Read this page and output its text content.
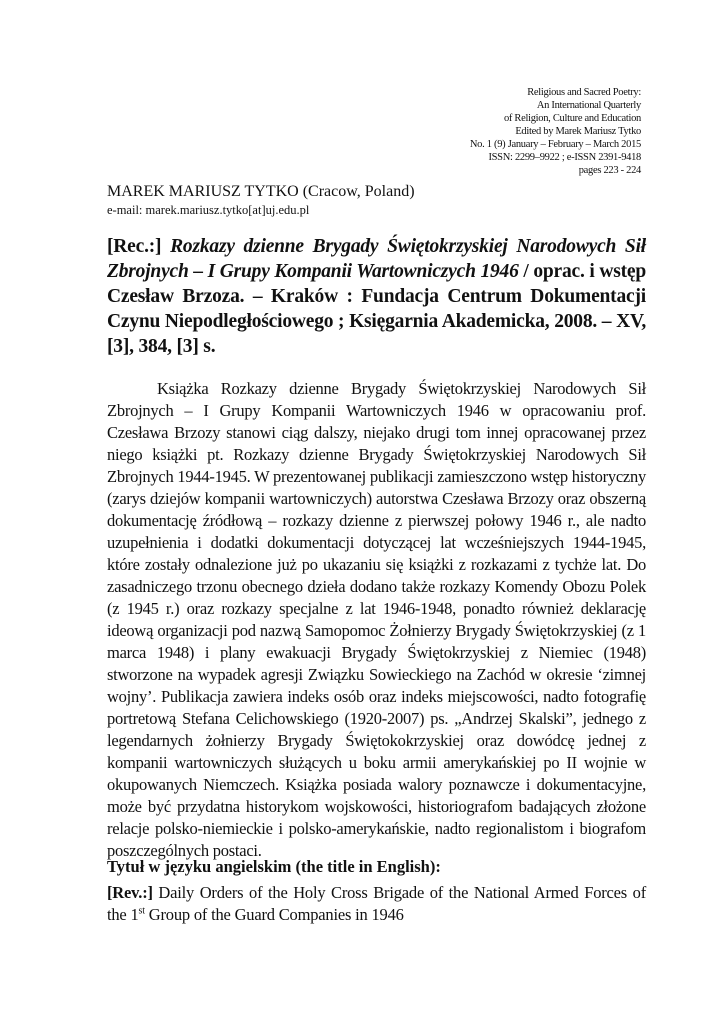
Religious and Sacred Poetry:
An International Quarterly
of Religion, Culture and Education
Edited by Marek Mariusz Tytko
No. 1 (9) January – February – March 2015
ISSN: 2299–9922 ; e-ISSN 2391-9418
pages 223 - 224
MAREK MARIUSZ TYTKO (Cracow, Poland)
e-mail: marek.mariusz.tytko[at]uj.edu.pl
[Rec.:] Rozkazy dzienne Brygady Świętokrzyskiej Narodowych Sił Zbrojnych – I Grupy Kompanii Wartowniczych 1946 / oprac. i wstęp Czesław Brzoza. – Kraków : Fundacja Centrum Dokumentacji Czynu Niepodległościowego ; Księgarnia Akademicka, 2008. – XV, [3], 384, [3] s.

Książka Rozkazy dzienne Brygady Świętokrzyskiej Narodowych Sił Zbrojnych – I Grupy Kompanii Wartowniczych 1946 w opracowaniu prof. Czesława Brzozy stanowi ciąg dalszy, niejako drugi tom innej opracowanej przez niego książki pt. Rozkazy dzienne Brygady Świętokrzyskiej Narodowych Sił Zbrojnych 1944-1945. W prezentowanej publikacji zamieszczono wstęp historyczny (zarys dziejów kompanii wartowniczych) autorstwa Czesława Brzozy oraz obszerną dokumentację źródłową – rozkazy dzienne z pierwszej połowy 1946 r., ale nadto uzupełnienia i dodatki dokumentacji dotyczącej lat wcześniejszych 1944-1945, które zostały odnalezione już po ukazaniu się książki z rozkazami z tychże lat. Do zasadniczego trzonu obecnego dzieła dodano także rozkazy Komendy Obozu Polek (z 1945 r.) oraz rozkazy specjalne z lat 1946-1948, ponadto również deklarację ideową organizacji pod nazwą Samopomoc Żołnierzy Brygady Świętokrzyskiej (z 1 marca 1948) i plany ewakuacji Brygady Świętokrzyskiej z Niemiec (1948) stworzone na wypadek agresji Związku Sowieckiego na Zachód w okresie ‘zimnej wojny’. Publikacja zawiera indeks osób oraz indeks miejscowości, nadto fotografię portretową Stefana Celichowskiego (1920-2007) ps. „Andrzej Skalski”, jednego z legendarnych żołnierzy Brygady Świętokokrzyskiej oraz dowódcę jednej z kompanii wartowniczych służących u boku armii amerykańskiej po II wojnie w okupowanych Niemczech. Książka posiada walory poznawcze i dokumentacyjne, może być przydatna historykom wojskowości, historiografom badających złożone relacje polsko-niemieckie i polsko-amerykańskie, nadto regionalistom i biografom poszczególnych postaci.

Tytuł w języku angielskim (the title in English):
[Rev.:] Daily Orders of the Holy Cross Brigade of the National Armed Forces of the 1st Group of the Guard Companies in 1946
